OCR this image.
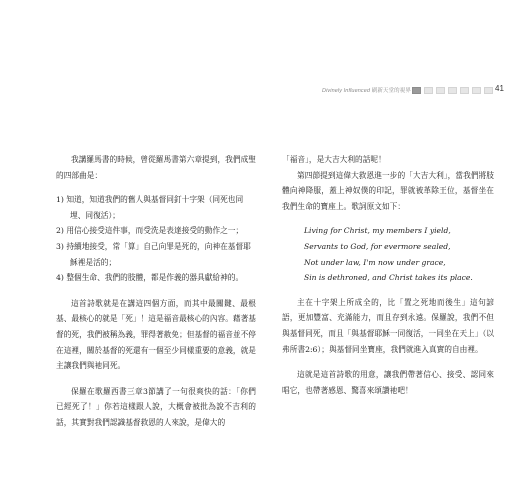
Divinely Influenced 刷新天堂的視界	41

我講羅馬書的時候，曾從羅馬書第六章提到，我們成聖的四部曲是：

1) 知道，知道我們的舊人與基督同釘十字架（同死也同埋、同復活）；
2) 用信心接受這件事，而受洗是表達接受的動作之一；
3) 持續地接受，常「算」自己向罪是死的，向神在基督耶穌裡是活的；
4) 整個生命、我們的肢體，都是作義的器具獻給神的。

這首詩歌就是在講這四個方面，而其中最關鍵、最根基、最核心的就是「死」！這是福音最核心的內容。藉著基督的死，我們被稱為義，罪得著赦免；但基督的福音並不停在這裡，關於基督的死還有一個至少同樣重要的意義，就是主讓我們與祂同死。

保羅在歌羅西書三章3節講了一句很爽快的話：「你們已經死了！」你若這樣跟人說，大概會被批為說不吉利的話，其實對我們認識基督救恩的人來說，是偉大的

「福音」，是大吉大利的話呢！

第四節提到這偉大救恩進一步的「大吉大利」，當我們將肢體向神降服，蓋上神奴僕的印記，罪就被革除王位，基督坐在我們生命的寶座上。歌詞原文如下：

Living for Christ, my members I yield,
Servants to God, for evermore sealed,
Not under law, I'm now under grace,
Sin is dethroned, and Christ takes its place.

主在十字架上所成全的，比「置之死地而後生」這句諺語，更加豐富、充滿能力，而且存到永遠。保羅說，我們不但與基督同死，而且「與基督耶穌一同復活，一同坐在天上」（以弗所書2:6）；與基督同坐寶座，我們就進入真實的自由裡。

這就是這首詩歌的用意，讓我們帶著信心、接受、認同來唱它，也帶著感恩、驚喜來頌讚祂吧！
